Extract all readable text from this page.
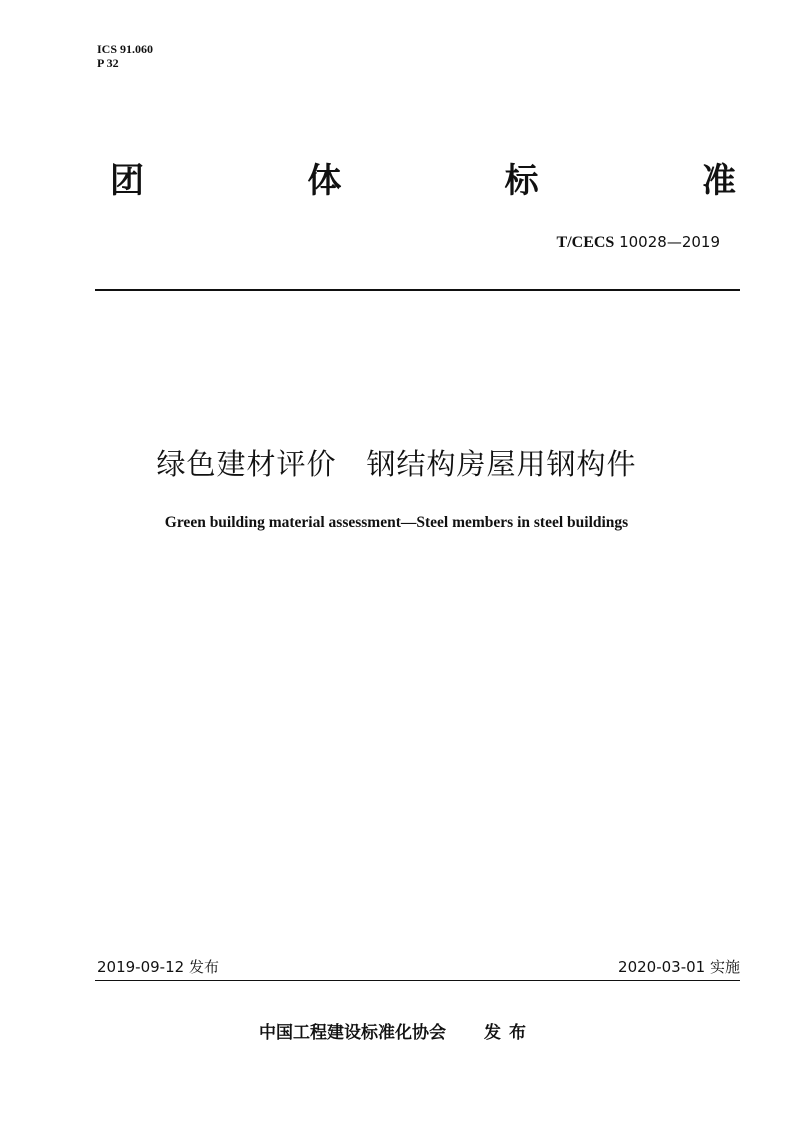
ICS 91.060
P 32
团	体	标	准
T/CECS 10028—2019
绿色建材评价 钢结构房屋用钢构件
Green building material assessment—Steel members in steel buildings
2019-09-12 发布	2020-03-01 实施
中国工程建设标准化协会 发布
